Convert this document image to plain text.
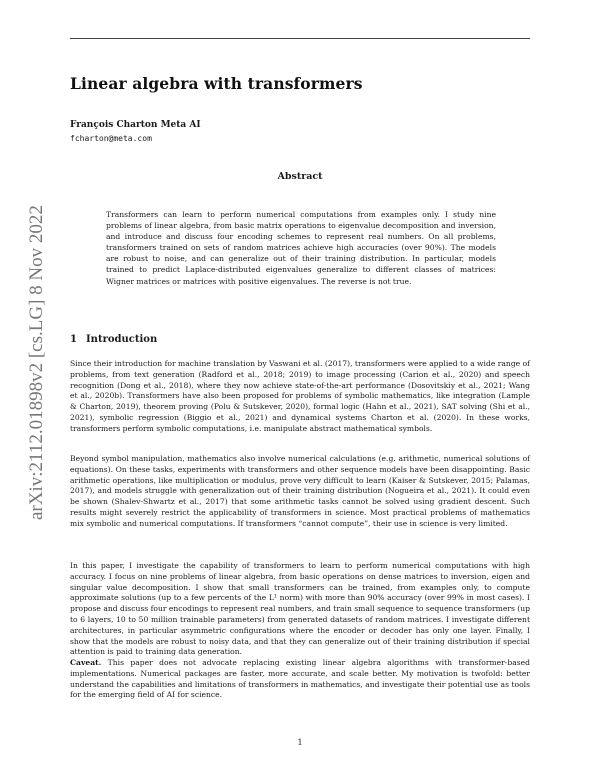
arXiv:2112.01898v2 [cs.LG] 8 Nov 2022
Linear algebra with transformers
François Charton Meta AI
fcharton@meta.com
Abstract

Transformers can learn to perform numerical computations from examples only. I study nine problems of linear algebra, from basic matrix operations to eigenvalue decomposition and inversion, and introduce and discuss four encoding schemes to represent real numbers. On all problems, transformers trained on sets of random matrices achieve high accuracies (over 90%). The models are robust to noise, and can generalize out of their training distribution. In particular, models trained to predict Laplace-distributed eigenvalues generalize to different classes of matrices: Wigner matrices or matrices with positive eigenvalues. The reverse is not true.

1 Introduction

Since their introduction for machine translation by Vaswani et al. (2017), transformers were applied to a wide range of problems, from text generation (Radford et al., 2018; 2019) to image processing (Carion et al., 2020) and speech recognition (Dong et al., 2018), where they now achieve state-of-the-art performance (Dosovitskiy et al., 2021; Wang et al., 2020b). Transformers have also been proposed for problems of symbolic mathematics, like integration (Lample & Charton, 2019), theorem proving (Polu & Sutskever, 2020), formal logic (Hahn et al., 2021), SAT solving (Shi et al., 2021), symbolic regression (Biggio et al., 2021) and dynamical systems Charton et al. (2020). In these works, transformers perform symbolic computations, i.e. manipulate abstract mathematical symbols.

Beyond symbol manipulation, mathematics also involve numerical calculations (e.g. arithmetic, numerical solutions of equations). On these tasks, experiments with transformers and other sequence models have been disappointing. Basic arithmetic operations, like multiplication or modulus, prove very difficult to learn (Kaiser & Sutskever, 2015; Palamas, 2017), and models struggle with generalization out of their training distribution (Nogueira et al., 2021). It could even be shown (Shalev-Shwartz et al., 2017) that some arithmetic tasks cannot be solved using gradient descent. Such results might severely restrict the applicability of transformers in science. Most practical problems of mathematics mix symbolic and numerical computations. If transformers “cannot compute”, their use in science is very limited.

In this paper, I investigate the capability of transformers to learn to perform numerical computations with high accuracy. I focus on nine problems of linear algebra, from basic operations on dense matrices to inversion, eigen and singular value decomposition. I show that small transformers can be trained, from examples only, to compute approximate solutions (up to a few percents of the L¹ norm) with more than 90% accuracy (over 99% in most cases). I propose and discuss four encodings to represent real numbers, and train small sequence to sequence transformers (up to 6 layers, 10 to 50 million trainable parameters) from generated datasets of random matrices. I investigate different architectures, in particular asymmetric configurations where the encoder or decoder has only one layer. Finally, I show that the models are robust to noisy data, and that they can generalize out of their training distribution if special attention is paid to training data generation.

Caveat. This paper does not advocate replacing existing linear algebra algorithms with transformer-based implementations. Numerical packages are faster, more accurate, and scale better. My motivation is twofold: better understand the capabilities and limitations of transformers in mathematics, and investigate their potential use as tools for the emerging field of AI for science.

1
